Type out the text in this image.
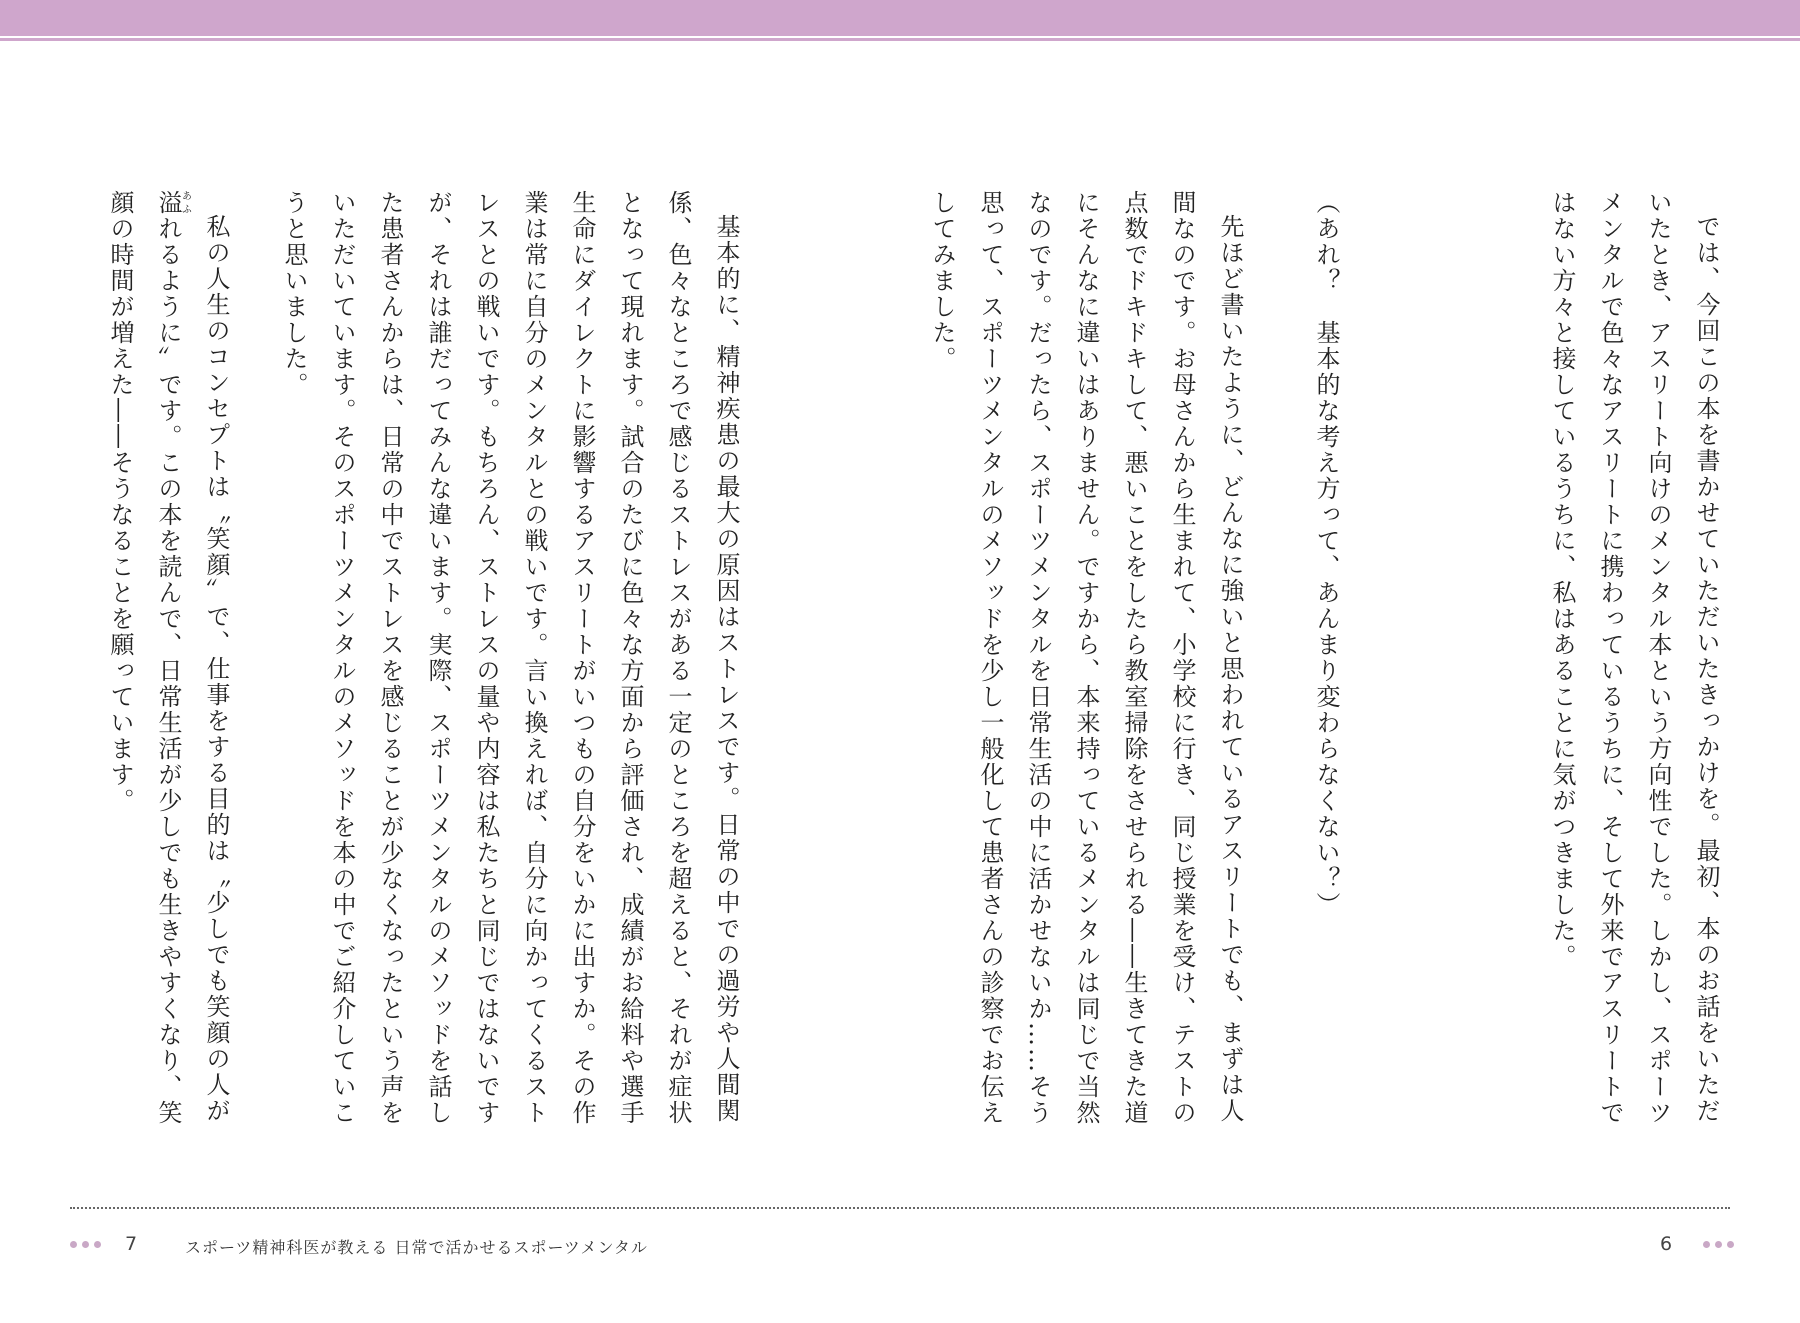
では、今回この本を書かせていただいたきっかけを。最初、本のお話をいただいたとき、アスリート向けのメンタル本という方向性でした。しかし、スポーツメンタルで色々なアスリートに携わっているうちに、そして外来でアスリートではない方々と接しているうちに、私はあることに気がつきました。

（あれ？　基本的な考え方って、あんまり変わらなくない？）

先ほど書いたように、どんなに強いと思われているアスリートでも、まずは人間なのです。お母さんから生まれて、小学校に行き、同じ授業を受け、テストの点数でドキドキして、悪いことをしたら教室掃除をさせられる――生きてきた道にそんなに違いはありません。ですから、本来持っているメンタルは同じで当然なのです。だったら、スポーツメンタルを日常生活の中に活かせないか……そう思って、スポーツメンタルのメソッドを少し一般化して患者さんの診察でお伝えしてみました。

基本的に、精神疾患の最大の原因はストレスです。日常の中での過労や人間関係、色々なところで感じるストレスがある一定のところを超えると、それが症状となって現れます。試合のたびに色々な方面から評価され、成績がお給料や選手生命にダイレクトに影響するアスリートがいつもの自分をいかに出すか。その作業は常に自分のメンタルとの戦いです。言い換えれば、自分に向かってくるストレスとの戦いです。もちろん、ストレスの量や内容は私たちと同じではないですが、それは誰だってみんな違います。実際、スポーツメンタルのメソッドを話した患者さんからは、日常の中でストレスを感じることが少なくなったという声をいただいています。そのスポーツメンタルのメソッドを本の中でご紹介していこうと思いました。

私の人生のコンセプトは〝笑顔〟で、仕事をする目的は〝少しでも笑顔の人が溢あふれるように〟です。この本を読んで、日常生活が少しでも生きやすくなり、笑顔の時間が増えた――そうなることを願っています。

7	スポーツ精神科医が教える 日常で活かせるスポーツメンタル	6
